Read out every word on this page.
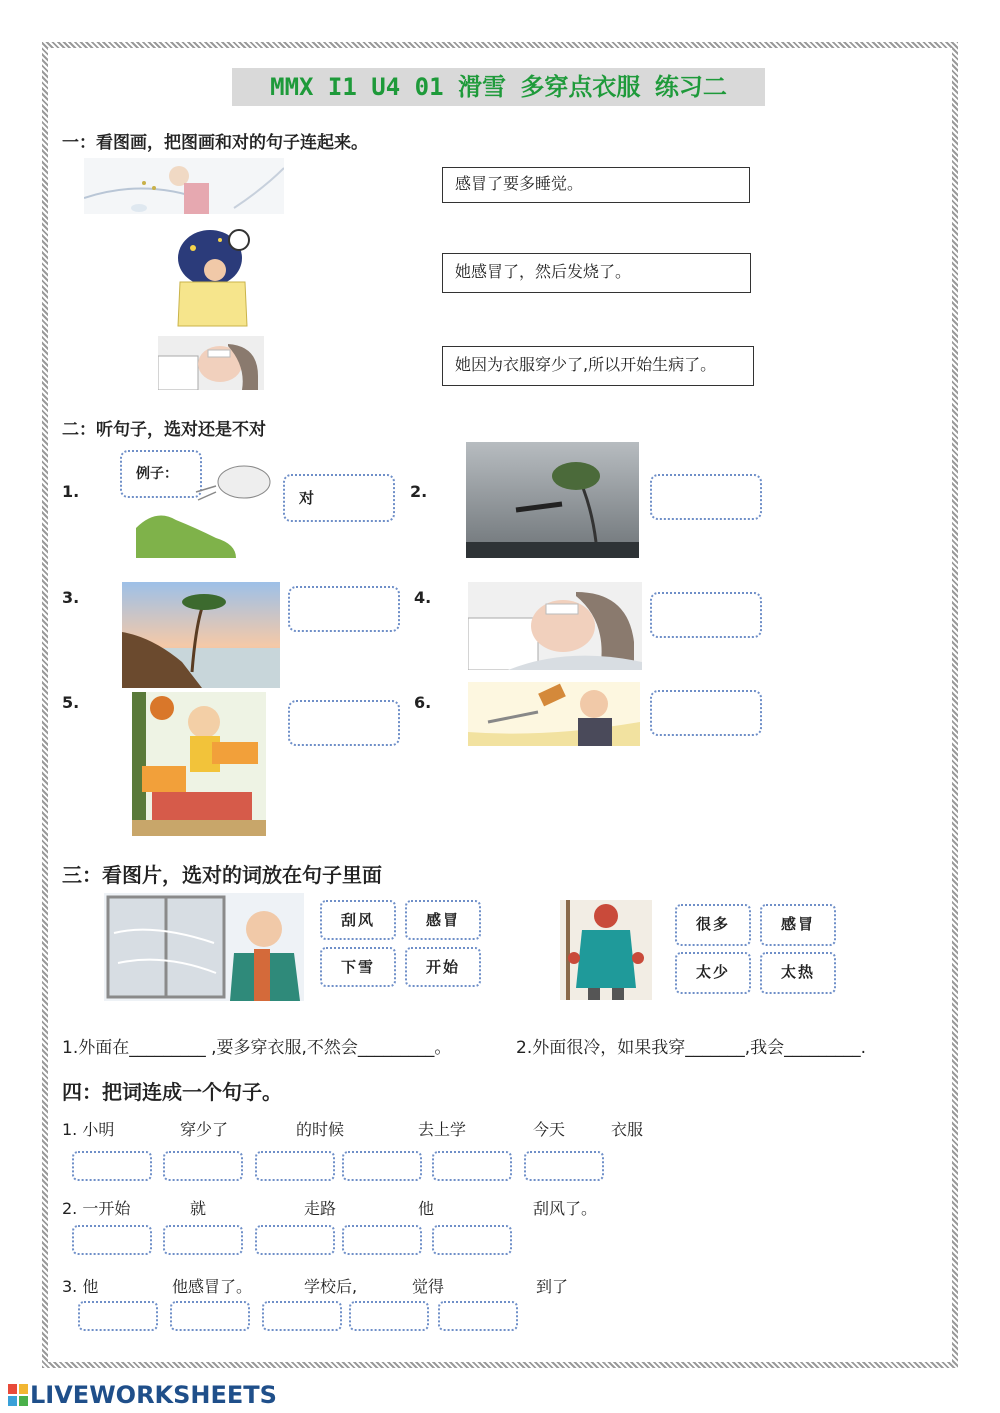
MMX I1 U4 01 滑雪 多穿点衣服 练习二
一：看图画，把图画和对的句子连起来。
感冒了要多睡觉。
她感冒了，然后发烧了。
她因为衣服穿少了,所以开始生病了。
二：听句子，选对还是不对
1.
例子：
对	2.
3.	4.
5.	6.
三：看图片，选对的词放在句子里面
刮风	感冒
下雪	开始
很多	感冒
太少	太热
1.外面在_________ ,要多穿衣服,不然会_________。	2.外面很冷，如果我穿_______,我会_________.
四：把词连成一个句子。
1. 小明	穿少了	的时候	去上学	今天	衣服
2. 一开始	就	走路	他	刮风了。
3. 他	他感冒了。	学校后,	觉得	到了
LIVEWORKSHEETS
